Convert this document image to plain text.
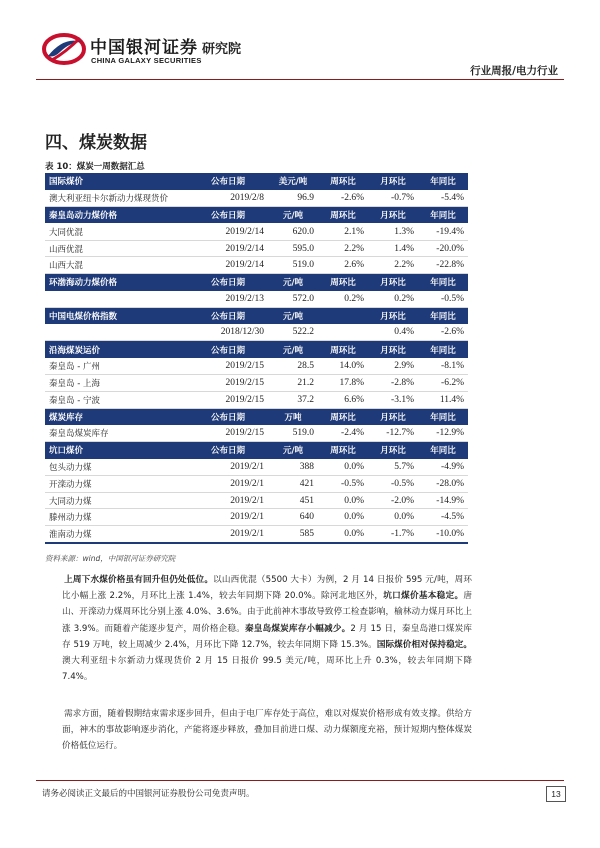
中国银河证券
CHINA GALAXY SECURITIES
研究院
行业周报/电力行业
四、煤炭数据
表 10：煤炭一周数据汇总
国际煤价	公布日期	美元/吨	周环比	月环比	年同比
澳大利亚纽卡尔新动力煤现货价	2019/2/8	96.9	-2.6%	-0.7%	-5.4%
秦皇岛动力煤价格	公布日期	元/吨	周环比	月环比	年同比
大同优混	2019/2/14	620.0	2.1%	1.3%	-19.4%
山西优混	2019/2/14	595.0	2.2%	1.4%	-20.0%
山西大混	2019/2/14	519.0	2.6%	2.2%	-22.8%
环渤海动力煤价格	公布日期	元/吨	周环比	月环比	年同比
	2019/2/13	572.0	0.2%	0.2%	-0.5%
中国电煤价格指数	公布日期	元/吨		月环比	年同比
	2018/12/30	522.2		0.4%	-2.6%
沿海煤炭运价	公布日期	元/吨	周环比	月环比	年同比
秦皇岛 - 广州	2019/2/15	28.5	14.0%	2.9%	-8.1%
秦皇岛 - 上海	2019/2/15	21.2	17.8%	-2.8%	-6.2%
秦皇岛 - 宁波	2019/2/15	37.2	6.6%	-3.1%	11.4%
煤炭库存	公布日期	万吨	周环比	月环比	年同比
秦皇岛煤炭库存	2019/2/15	519.0	-2.4%	-12.7%	-12.9%
坑口煤价	公布日期	元/吨	周环比	月环比	年同比
包头动力煤	2019/2/1	388	0.0%	5.7%	-4.9%
开滦动力煤	2019/2/1	421	-0.5%	-0.5%	-28.0%
大同动力煤	2019/2/1	451	0.0%	-2.0%	-14.9%
滕州动力煤	2019/2/1	640	0.0%	0.0%	-4.5%
淮南动力煤	2019/2/1	585	0.0%	-1.7%	-10.0%
资料来源：wind，中国银河证券研究院
上周下水煤价格虽有回升但仍处低位。以山西优混（5500 大卡）为例，2 月 14 日报价 595 元/吨，周环比小幅上涨 2.2%，月环比上涨 1.4%，较去年同期下降 20.0%。除河北地区外，坑口煤价基本稳定。唐山、开滦动力煤周环比分别上涨 4.0%、3.6%。由于此前神木事故导致停工检查影响，榆林动力煤月环比上涨 3.9%。而随着产能逐步复产，周价格企稳。秦皇岛煤炭库存小幅减少。2 月 15 日，秦皇岛港口煤炭库存 519 万吨，较上周减少 2.4%，月环比下降 12.7%，较去年同期下降 15.3%。国际煤价相对保持稳定。澳大利亚纽卡尔新动力煤现货价 2 月 15 日报价 99.5 美元/吨，周环比上升 0.3%，较去年同期下降 7.4%。
需求方面，随着假期结束需求逐步回升，但由于电厂库存处于高位，难以对煤炭价格形成有效支撑。供给方面，神木的事故影响逐步消化，产能将逐步释放，叠加目前进口煤、动力煤额度充裕，预计短期内整体煤炭价格低位运行。
请务必阅读正文最后的中国银河证券股份公司免责声明。	13
